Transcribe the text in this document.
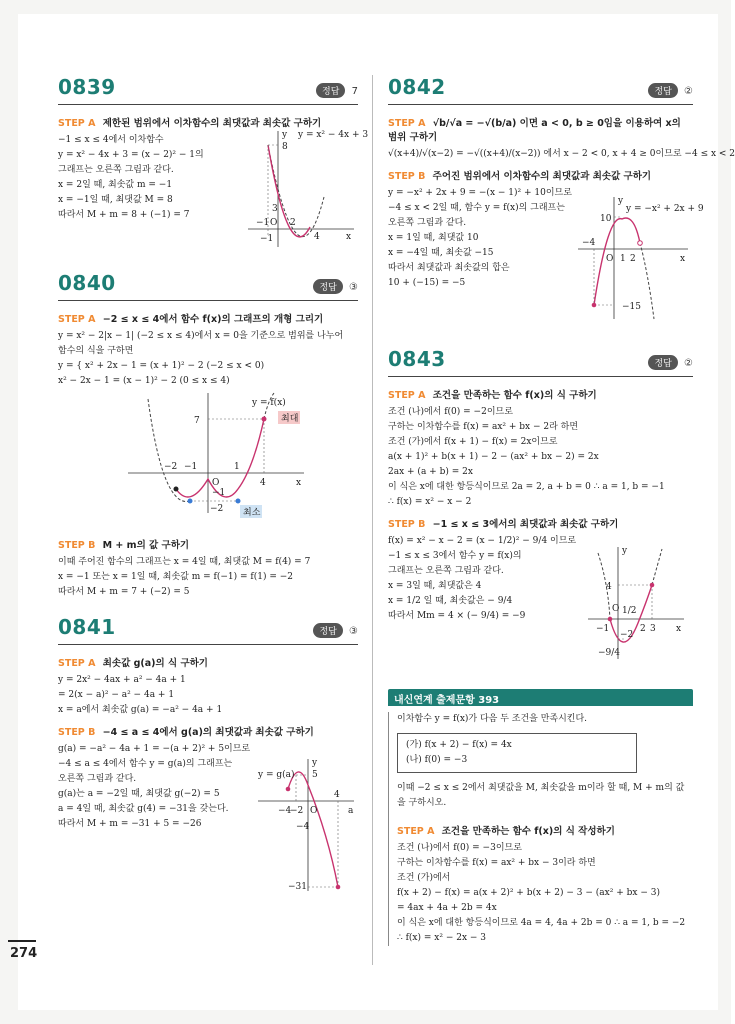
0839	정답 7
STEP A 제한된 범위에서 이차함수의 최댓값과 최솟값 구하기
−1 ≤ x ≤ 4에서 이차함수
y = x² − 4x + 3 = (x − 2)² − 1의
그래프는 오른쪽 그림과 같다.
x = 2일 때, 최솟값 m = −1
x = −1일 때, 최댓값 M = 8
따라서 M + m = 8 + (−1) = 7
8
3
−1 O 2
4
−1	x
y y = x² − 4x + 3
0840	정답 ③
STEP A −2 ≤ x ≤ 4에서 함수 f(x)의 그래프의 개형 그리기
y = x² − 2|x − 1| (−2 ≤ x ≤ 4)에서 x = 0을 기준으로 범위를 나누어
함수의 식을 구하면
y = { x² + 2x − 1 = (x + 1)² − 2 (−2 ≤ x < 0)
x² − 2x − 1 = (x − 1)² − 2 (0 ≤ x ≤ 4)
y = f(x)
최대
최소
7
−2 −1	1
O	4
−1
−2
x
STEP B M + m의 값 구하기
이때 주어진 함수의 그래프는 x = 4일 때, 최댓값 M = f(4) = 7
x = −1 또는 x = 1일 때, 최솟값 m = f(−1) = f(1) = −2
따라서 M + m = 7 + (−2) = 5
0841	정답 ③
STEP A 최솟값 g(a)의 식 구하기
y = 2x² − 4ax + a² − 4a + 1
= 2(x − a)² − a² − 4a + 1
x = a에서 최솟값 g(a) = −a² − 4a + 1
STEP B −4 ≤ a ≤ 4에서 g(a)의 최댓값과 최솟값 구하기
g(a) = −a² − 4a + 1 = −(a + 2)² + 5이므로
−4 ≤ a ≤ 4에서 함수 y = g(a)의 그래프는
오른쪽 그림과 같다.
g(a)는 a = −2일 때, 최댓값 g(−2) = 5
a = 4일 때, 최솟값 g(4) = −31을 갖는다.
따라서 M + m = −31 + 5 = −26
y = g(a) 5
−4
−2 O
4
−4
−31
a
y
0842	정답 ②
STEP A √b/√a = −√(b/a) 이면 a < 0, b ≥ 0임을 이용하여 x의 범위 구하기
√(x+4)/√(x−2) = −√((x+4)/(x−2)) 에서 x − 2 < 0, x + 4 ≥ 0이므로 −4 ≤ x < 2
STEP B 주어진 범위에서 이차함수의 최댓값과 최솟값 구하기
y = −x² + 2x + 9 = −(x − 1)² + 10이므로
−4 ≤ x < 2일 때, 함수 y = f(x)의 그래프는
오른쪽 그림과 같다.
x = 1일 때, 최댓값 10
x = −4일 때, 최솟값 −15
따라서 최댓값과 최솟값의 합은
10 + (−15) = −5
y = −x² + 2x + 9
10
−4
O 1 2
−15
x
y
0843	정답 ②
STEP A 조건을 만족하는 함수 f(x)의 식 구하기
조건 (나)에서 f(0) = −2이므로
구하는 이차함수를 f(x) = ax² + bx − 2라 하면
조건 (가)에서 f(x + 1) − f(x) = 2x이므로
a(x + 1)² + b(x + 1) − 2 − (ax² + bx − 2) = 2x
2ax + (a + b) = 2x
이 식은 x에 대한 항등식이므로 2a = 2, a + b = 0 ∴ a = 1, b = −1
∴ f(x) = x² − x − 2
STEP B −1 ≤ x ≤ 3에서의 최댓값과 최솟값 구하기
f(x) = x² − x − 2 = (x − 1/2)² − 9/4 이므로
−1 ≤ x ≤ 3에서 함수 y = f(x)의
그래프는 오른쪽 그림과 같다.
x = 3일 때, 최댓값은 4
x = 1/2 일 때, 최솟값은 − 9/4
따라서 Mm = 4 × (− 9/4) = −9
4
−1
O 1/2
2 3
−9/4
−2
x
y
내신연계 출제문항 393
이차함수 y = f(x)가 다음 두 조건을 만족시킨다.
(가) f(x + 2) − f(x) = 4x
(나) f(0) = −3
이때 −2 ≤ x ≤ 2에서 최댓값을 M, 최솟값을 m이라 할 때, M + m의 값
을 구하시오.
STEP A 조건을 만족하는 함수 f(x)의 식 작성하기
조건 (나)에서 f(0) = −3이므로
구하는 이차함수를 f(x) = ax² + bx − 3이라 하면
조건 (가)에서
f(x + 2) − f(x) = a(x + 2)² + b(x + 2) − 3 − (ax² + bx − 3)
= 4ax + 4a + 2b = 4x
이 식은 x에 대한 항등식이므로 4a = 4, 4a + 2b = 0 ∴ a = 1, b = −2
∴ f(x) = x² − 2x − 3
274
